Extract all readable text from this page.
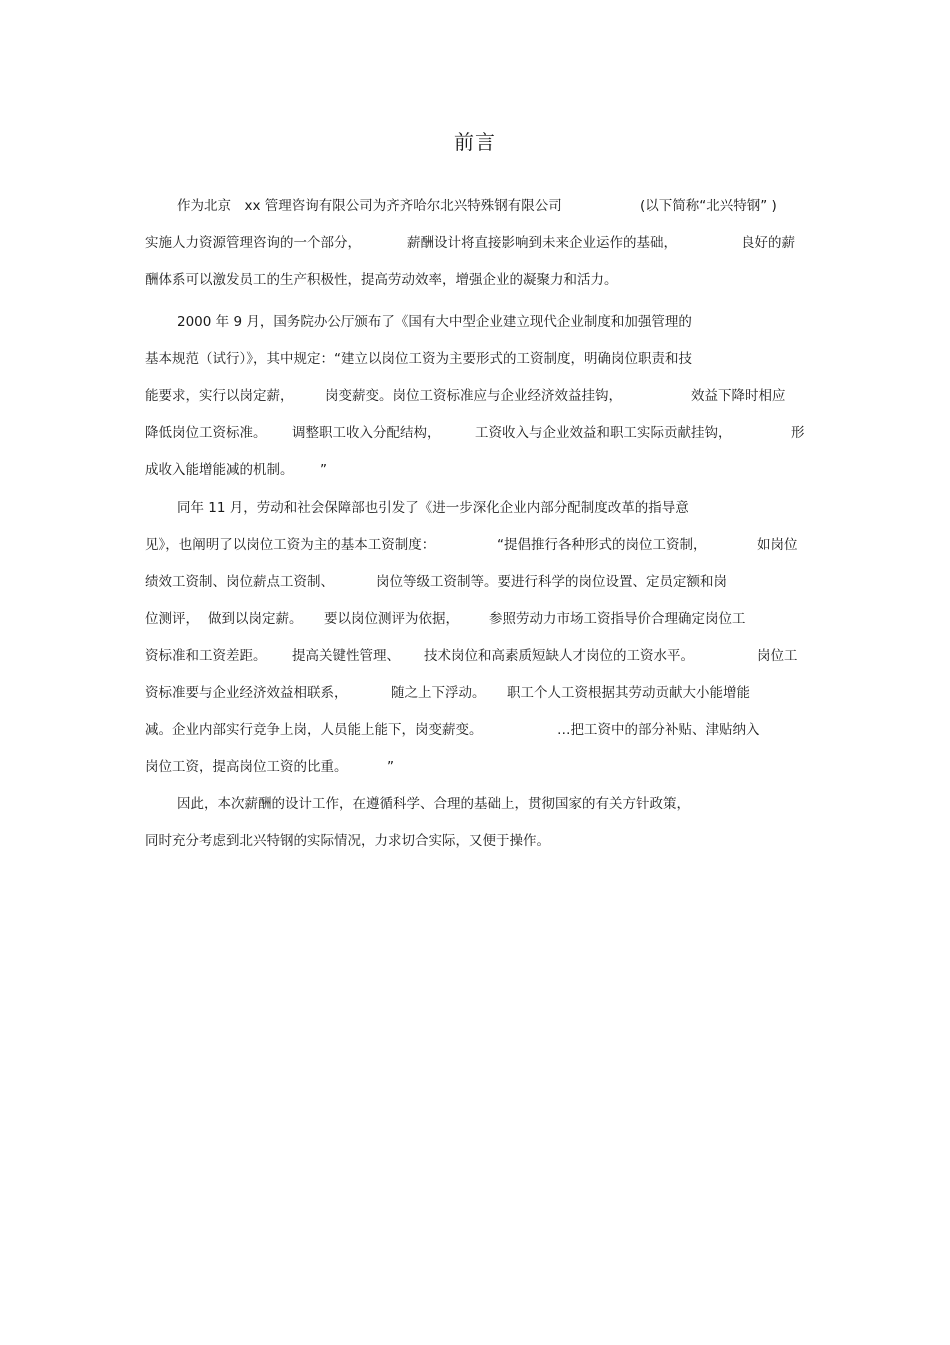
前言
作为北京　xx 管理咨询有限公司为齐齐哈尔北兴特殊钢有限公司	(以下简称“北兴特钢” )
实施人力资源管理咨询的一个部分，	薪酬设计将直接影响到未来企业运作的基础，	良好的薪
酬体系可以激发员工的生产积极性，提高劳动效率，增强企业的凝聚力和活力。
2000 年 9 月，国务院办公厅颁布了《国有大中型企业建立现代企业制度和加强管理的
基本规范（试行）》，其中规定：“建立以岗位工资为主要形式的工资制度，明确岗位职责和技
能要求，实行以岗定薪， 岗变薪变。岗位工资标准应与企业经济效益挂钩，	效益下降时相应
降低岗位工资标准。 调整职工收入分配结构，	工资收入与企业效益和职工实际贡献挂钩，	形
成收入能增能减的机制。 ”
同年 11 月，劳动和社会保障部也引发了《进一步深化企业内部分配制度改革的指导意
见》，也阐明了以岗位工资为主的基本工资制度：	“提倡推行各种形式的岗位工资制，	如岗位
绩效工资制、岗位薪点工资制、	岗位等级工资制等。要进行科学的岗位设置、定员定额和岗
位测评， 做到以岗定薪。 要以岗位测评为依据， 参照劳动力市场工资指导价合理确定岗位工
资标准和工资差距。 提高关键性管理、 技术岗位和高素质短缺人才岗位的工资水平。	岗位工
资标准要与企业经济效益相联系，	随之上下浮动。 职工个人工资根据其劳动贡献大小能增能
减。企业内部实行竞争上岗，人员能上能下，岗变薪变。	…把工资中的部分补贴、津贴纳入
岗位工资，提高岗位工资的比重。	”
因此，本次薪酬的设计工作，在遵循科学、合理的基础上，贯彻国家的有关方针政策，
同时充分考虑到北兴特钢的实际情况，力求切合实际，又便于操作。
